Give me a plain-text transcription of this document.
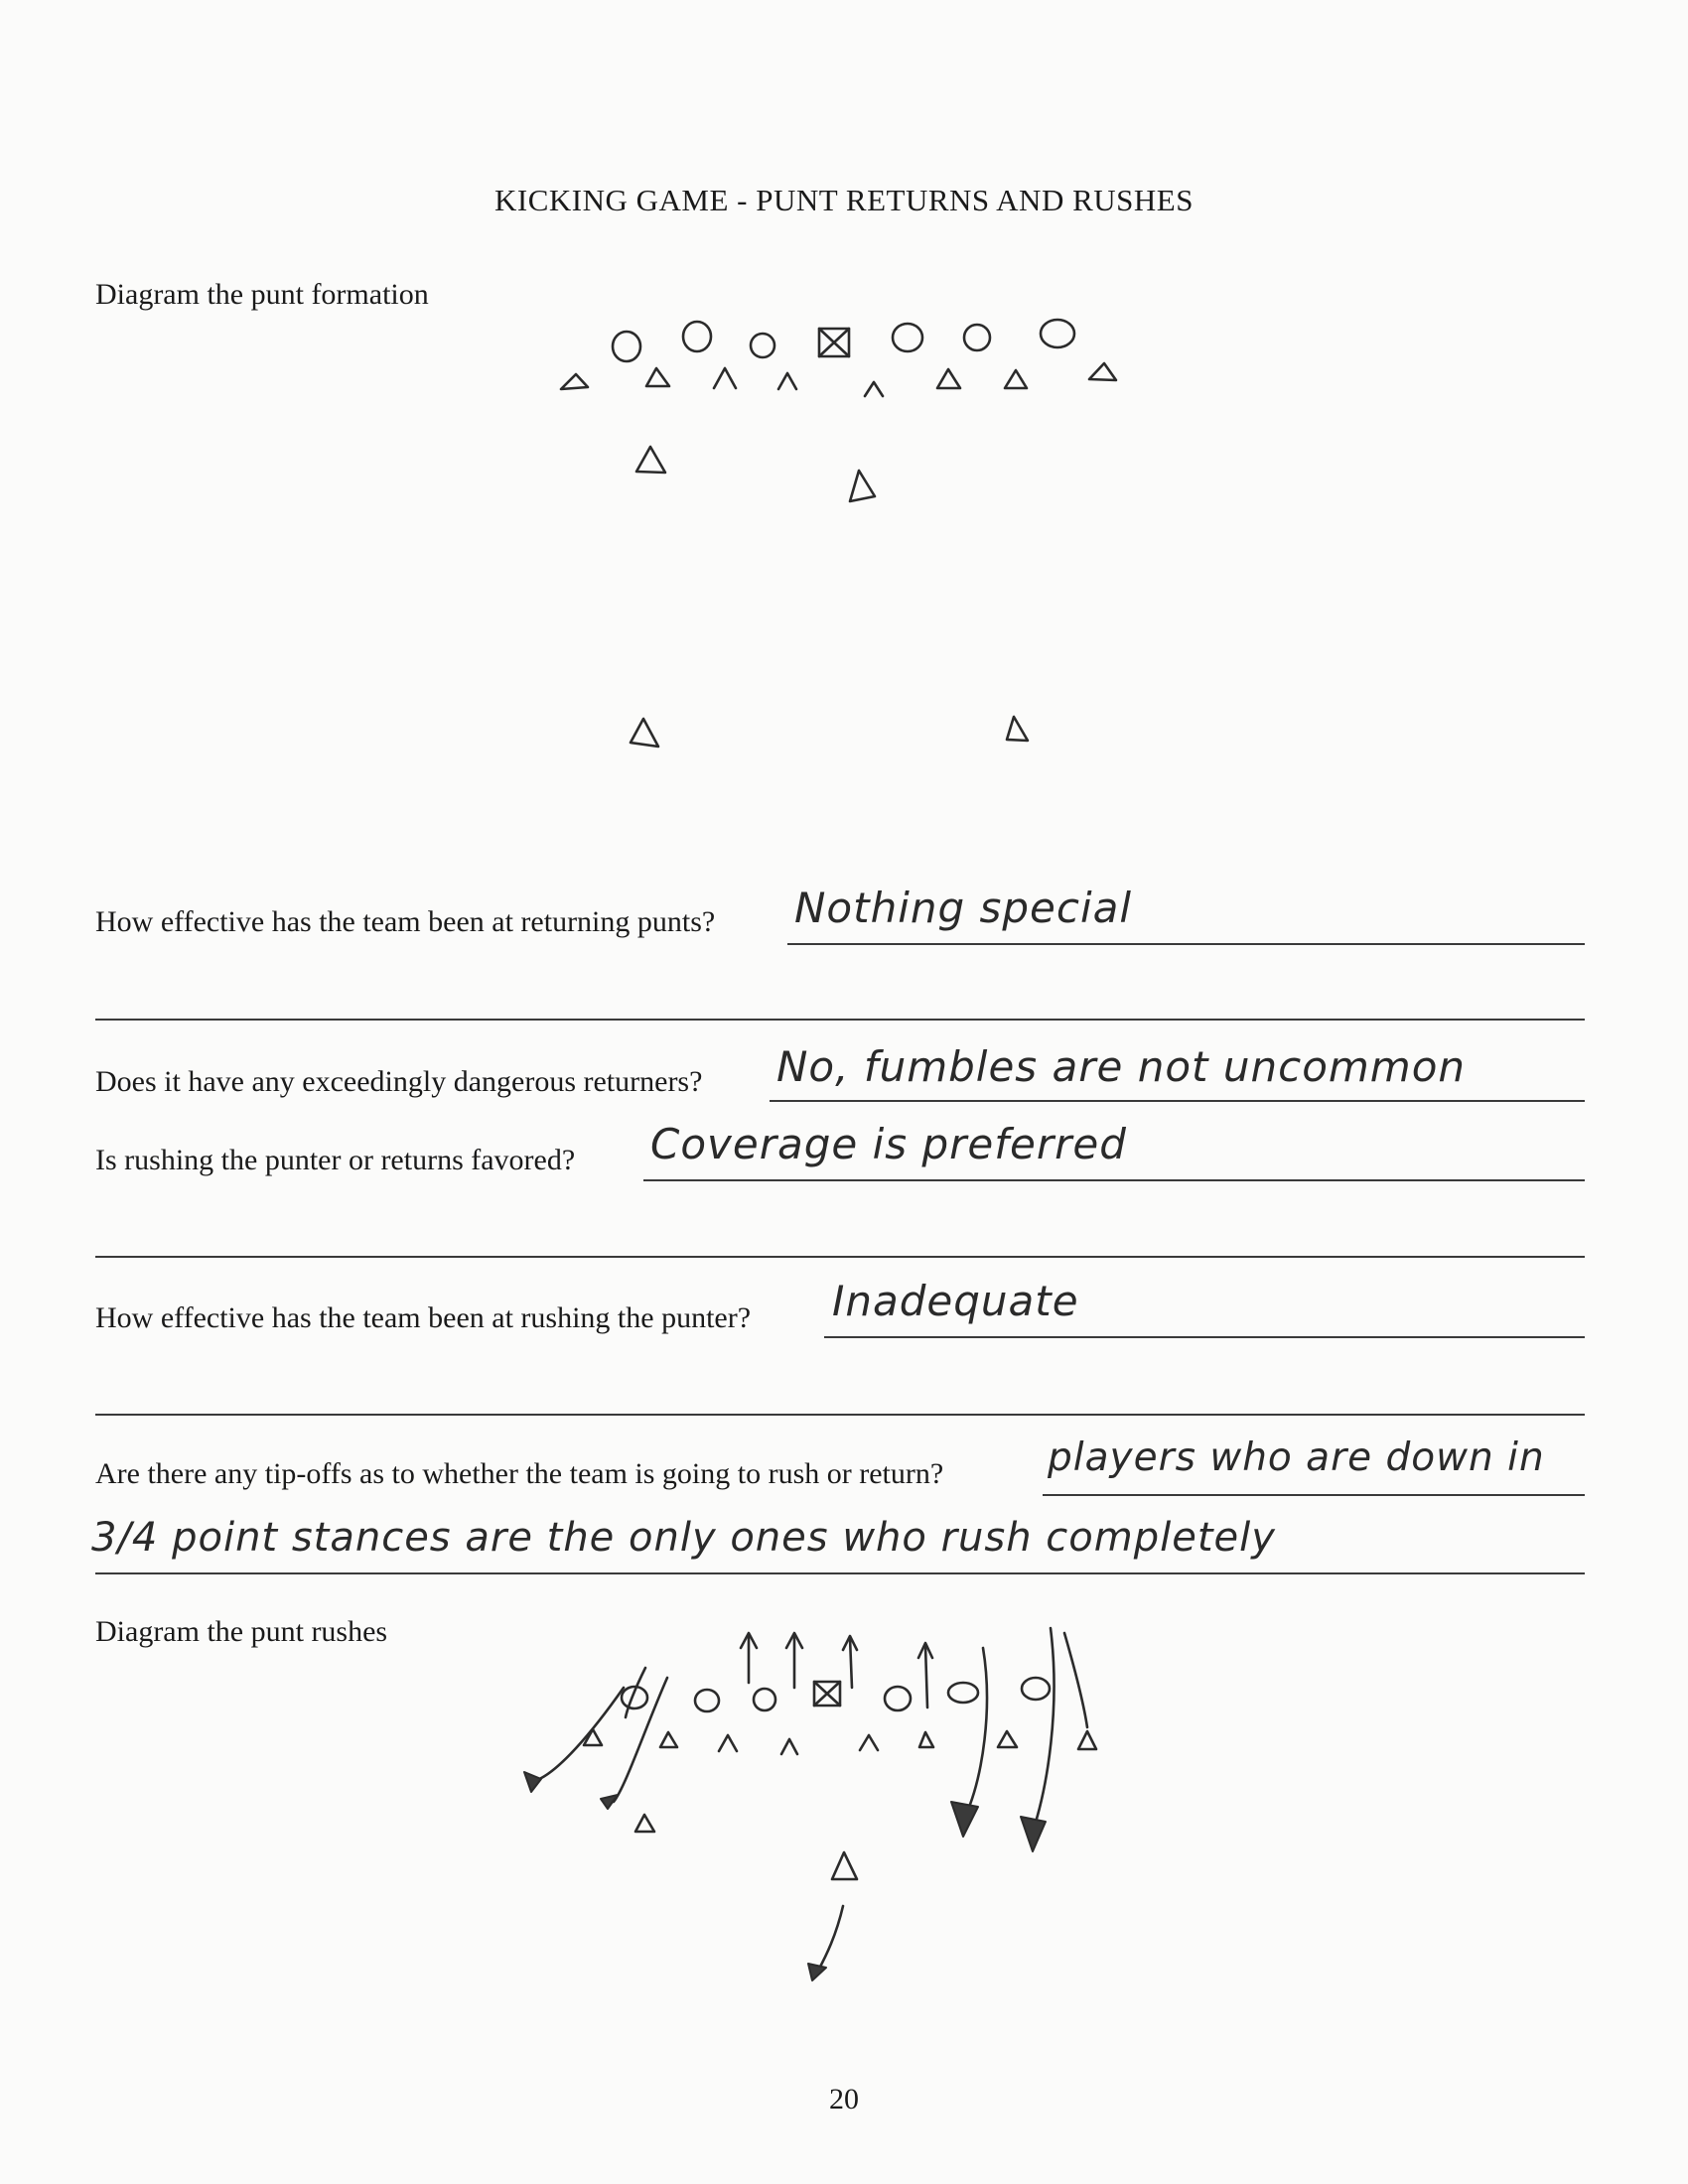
KICKING GAME - PUNT RETURNS AND RUSHES
Diagram the punt formation
How effective has the team been at returning punts? Nothing special
Does it have any exceedingly dangerous returners? No, fumbles are not uncommon
Is rushing the punter or returns favored? Coverage is preferred
How effective has the team been at rushing the punter? Inadequate
Are there any tip-offs as to whether the team is going to rush or return?	players who are down in
3/4 point stances are the only ones who rush completely
Diagram the punt rushes
20
